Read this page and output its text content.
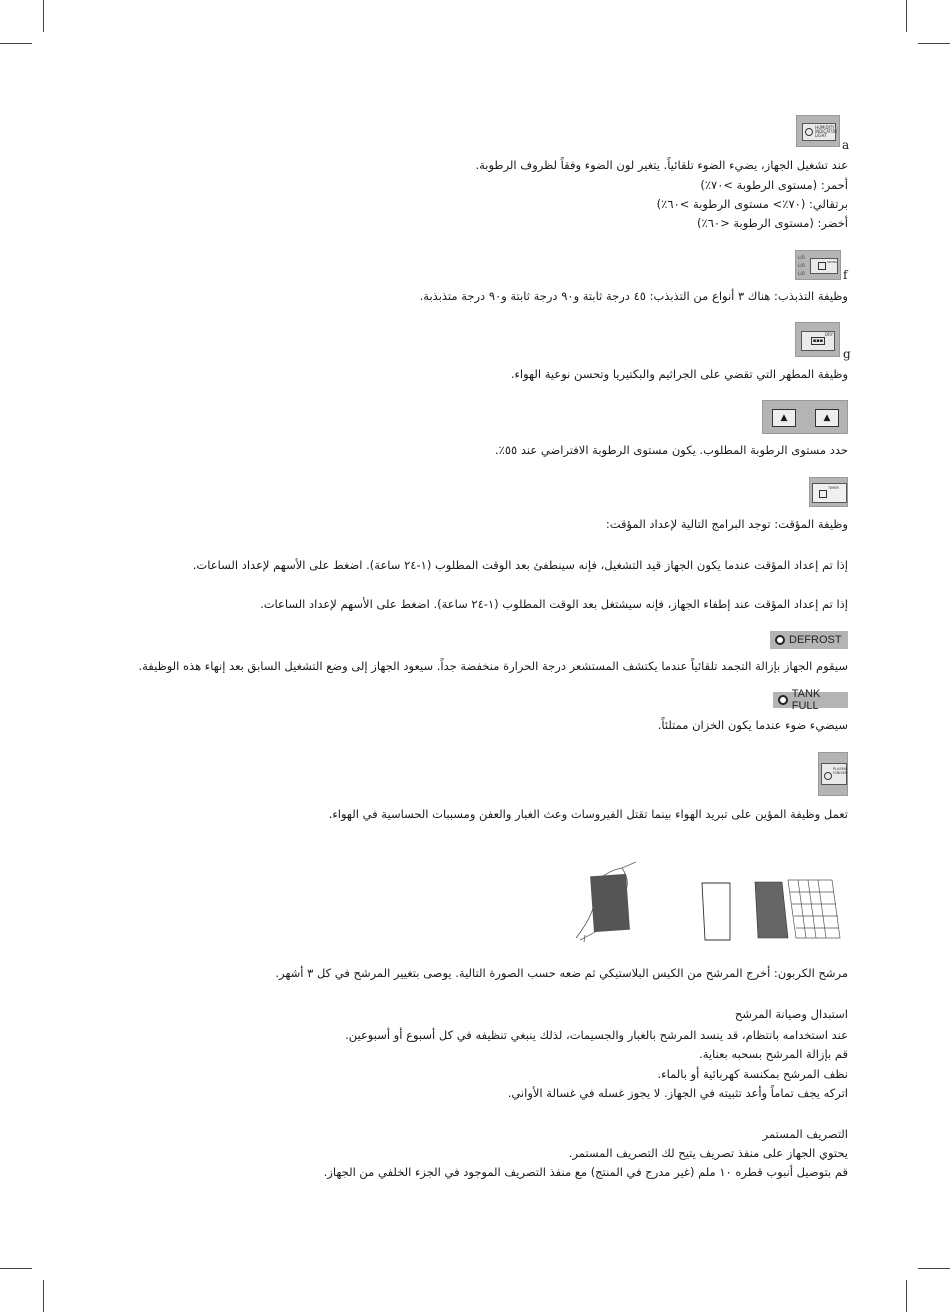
HUMIDITY INDICATOR LIGHT
a
عند تشغيل الجهاز، يضيء الضوء تلقائياً. يتغير لون الضوء وفقاً لظروف الرطوبة.
أحمر: (مستوى الرطوبة >٧٠٪)
برتقالي: (٧٠٪> مستوى الرطوبة >٦٠٪)
أخضر: (مستوى الرطوبة <٦٠٪)
L/O
L/O
L/O
SWING
f
وظيفة التذبذب: هناك ٣ أنواع من التذبذب: ٤٥ درجة ثابتة و٩٠ درجة ثابتة و٩٠ درجة متذبذبة.
▪▪▪
DRY
g
وظيفة المطهر التي تقضي على الجراثيم والبكتيريا وتحسن نوعية الهواء.
▲	▲
حدد مستوى الرطوبة المطلوب. يكون مستوى الرطوبة الافتراضي عند ٥٥٪.
TIMER
وظيفة المؤقت: توجد البرامج التالية لإعداد المؤقت:
إذا تم إعداد المؤقت عندما يكون الجهاز قيد التشغيل، فإنه سينطفئ بعد الوقت المطلوب (١-٢٤ ساعة). اضغط على الأسهم لإعداد الساعات.
إذا تم إعداد المؤقت عند إطفاء الجهاز، فإنه سيشتغل بعد الوقت المطلوب (١-٢٤ ساعة). اضغط على الأسهم لإعداد الساعات.
DEFROST
سيقوم الجهاز بإزالة التجمد تلقائياً عندما يكتشف المستشعر درجة الحرارة منخفضة جداً. سيعود الجهاز إلى وضع التشغيل السابق بعد إنهاء هذه الوظيفة.
TANK FULL
سيضيء ضوء عندما يكون الخزان ممتلئاً.
PLASMA IONISER
تعمل وظيفة المؤين على تبريد الهواء بينما تقتل الفيروسات وعث الغبار والعفن ومسببات الحساسية في الهواء.
مرشح الكربون: أخرج المرشح من الكيس البلاستيكي ثم ضعه حسب الصورة التالية. يوصى بتغيير المرشح في كل ٣ أشهر.
استبدال وصيانة المرشح
عند استخدامه بانتظام، قد ينسد المرشح بالغبار والجسيمات، لذلك ينبغي تنظيفه في كل أسبوع أو أسبوعين.
قم بإزالة المرشح بسحبه بعناية.
نظف المرشح بمكنسة كهربائية أو بالماء.
اتركه يجف تماماً وأعد تثبيته في الجهاز. لا يجوز غسله في غسالة الأواني.
التصريف المستمر
يحتوي الجهاز على منفذ تصريف يتيح لك التصريف المستمر.
قم بتوصيل أنبوب قطره ١٠ ملم (غير مدرج في المنتج) مع منفذ التصريف الموجود في الجزء الخلفي من الجهاز.
